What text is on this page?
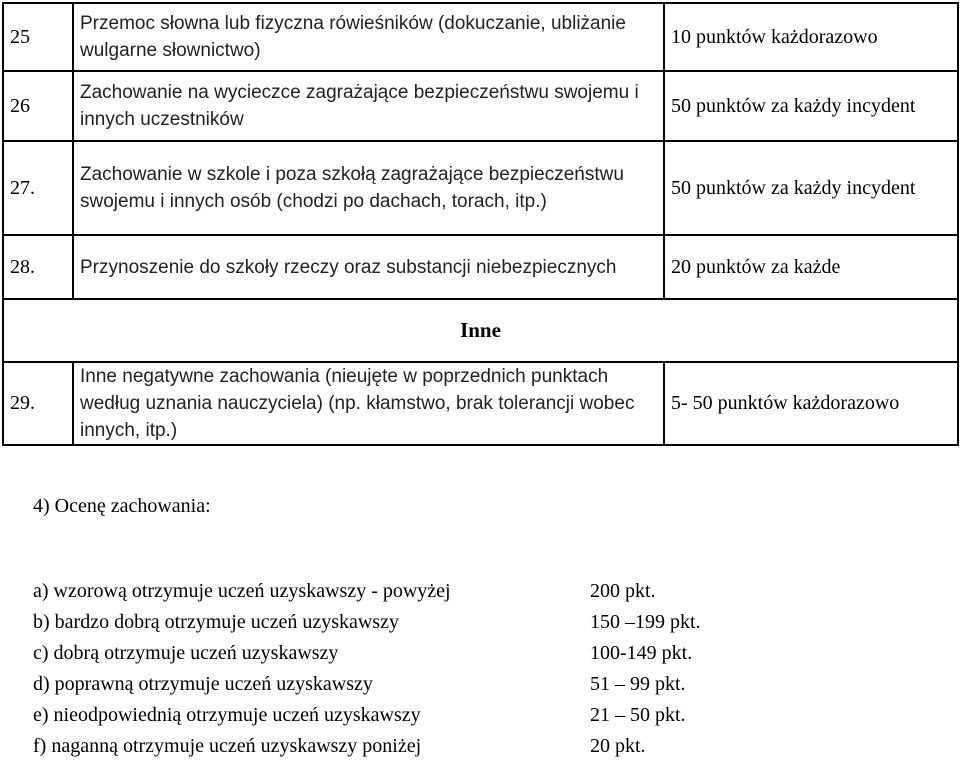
25	Przemoc słowna lub fizyczna rówieśników (dokuczanie, ubliżanie wulgarne słownictwo)	10 punktów każdorazowo
26	Zachowanie na wycieczce zagrażające bezpieczeństwu swojemu i innych uczestników	50 punktów za każdy incydent
27.	Zachowanie w szkole i poza szkołą zagrażające bezpieczeństwu swojemu i innych osób (chodzi po dachach, torach, itp.)	50 punktów za każdy incydent
28.	Przynoszenie do szkoły rzeczy oraz substancji niebezpiecznych	20 punktów za każde
Inne		
29.	Inne negatywne zachowania (nieujęte w poprzednich punktach według uznania nauczyciela) (np. kłamstwo, brak tolerancji wobec innych, itp.)	5- 50 punktów każdorazowo
4) Ocenę zachowania:
a) wzorową otrzymuje uczeń uzyskawszy - powyżej	200 pkt.
b) bardzo dobrą otrzymuje uczeń uzyskawszy	150 –199 pkt.
c) dobrą otrzymuje uczeń uzyskawszy	100-149 pkt.
d) poprawną otrzymuje uczeń uzyskawszy	51 – 99 pkt.
e) nieodpowiednią otrzymuje uczeń uzyskawszy	21 – 50 pkt.
f) naganną otrzymuje uczeń uzyskawszy poniżej	20 pkt.
